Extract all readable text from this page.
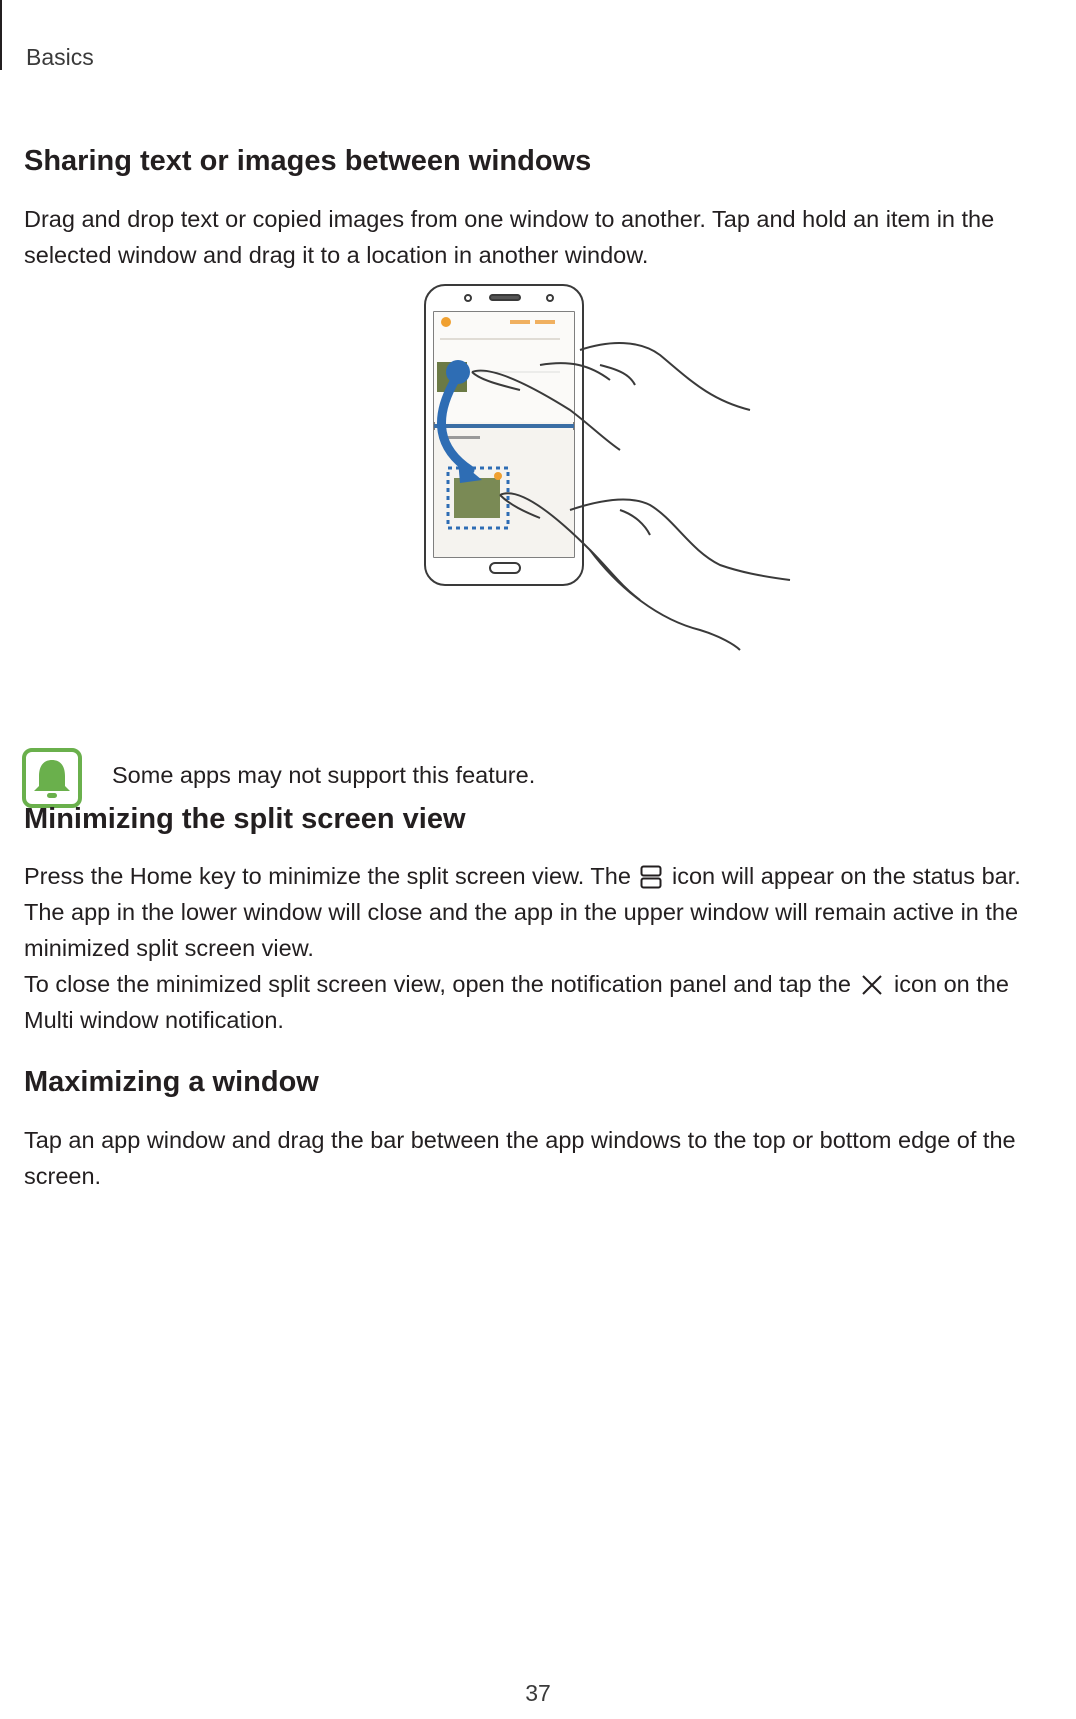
Basics
Sharing text or images between windows

Drag and drop text or copied images from one window to another. Tap and hold an item in the selected window and drag it to a location in another window.

Some apps may not support this feature.
Minimizing the split screen view

Press the Home key to minimize the split screen view. The icon will appear on the status bar. The app in the lower window will close and the app in the upper window will remain active in the minimized split screen view.

To close the minimized split screen view, open the notification panel and tap the icon on the Multi window notification.

Maximizing a window

Tap an app window and drag the bar between the app windows to the top or bottom edge of the screen.

37
